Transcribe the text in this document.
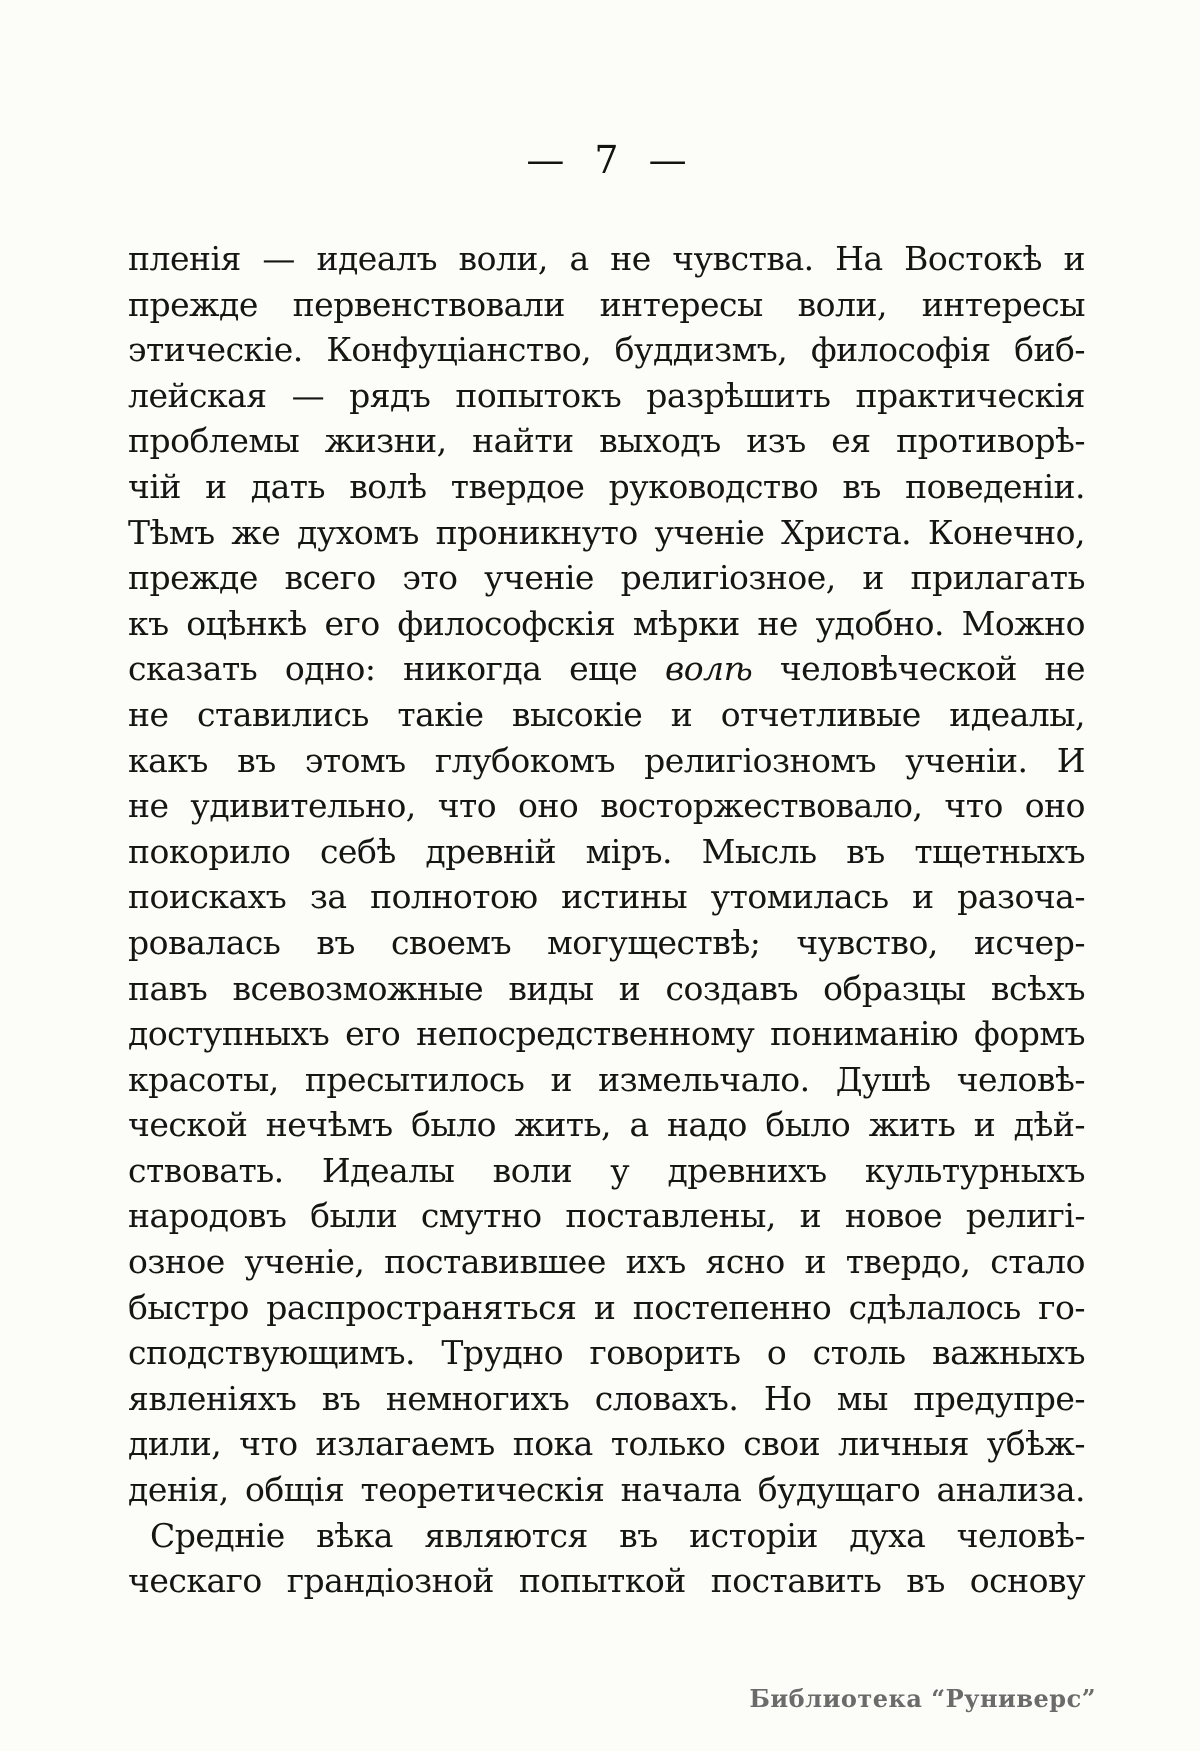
— 7 —
пленія — идеалъ воли, а не чувства. На Востокѣ и
прежде первенствовали интересы воли, интересы
этическіе. Конфуціанство, буддизмъ, философія биб-
лейская — рядъ попытокъ разрѣшить практическія
проблемы жизни, найти выходъ изъ ея противорѣ-
чій и дать волѣ твердое руководство въ поведеніи.
Тѣмъ же духомъ проникнуто ученіе Христа. Конечно,
прежде всего это ученіе религіозное, и прилагать
къ оцѣнкѣ его философскія мѣрки не удобно. Можно
сказать одно: никогда еще волѣ человѣческой не
не ставились такіе высокіе и отчетливые идеалы,
какъ въ этомъ глубокомъ религіозномъ ученіи. И
не удивительно, что оно восторжествовало, что оно
покорило себѣ древній міръ. Мысль въ тщетныхъ
поискахъ за полнотою истины утомилась и разоча-
ровалась въ своемъ могуществѣ; чувство, исчер-
павъ всевозможные виды и создавъ образцы всѣхъ
доступныхъ его непосредственному пониманію формъ
красоты, пресытилось и измельчало. Душѣ человѣ-
ческой нечѣмъ было жить, а надо было жить и дѣй-
ствовать. Идеалы воли у древнихъ культурныхъ
народовъ были смутно поставлены, и новое религі-
озное ученіе, поставившее ихъ ясно и твердо, стало
быстро распространяться и постепенно сдѣлалось го-
сподствующимъ. Трудно говорить о столь важныхъ
явленіяхъ въ немногихъ словахъ. Но мы предупре-
дили, что излагаемъ пока только свои личныя убѣж-
денія, общія теоретическія начала будущаго анализа.
Средніе вѣка являются въ исторіи духа человѣ-
ческаго грандіозной попыткой поставить въ основу
Библиотека “Руниверс”
